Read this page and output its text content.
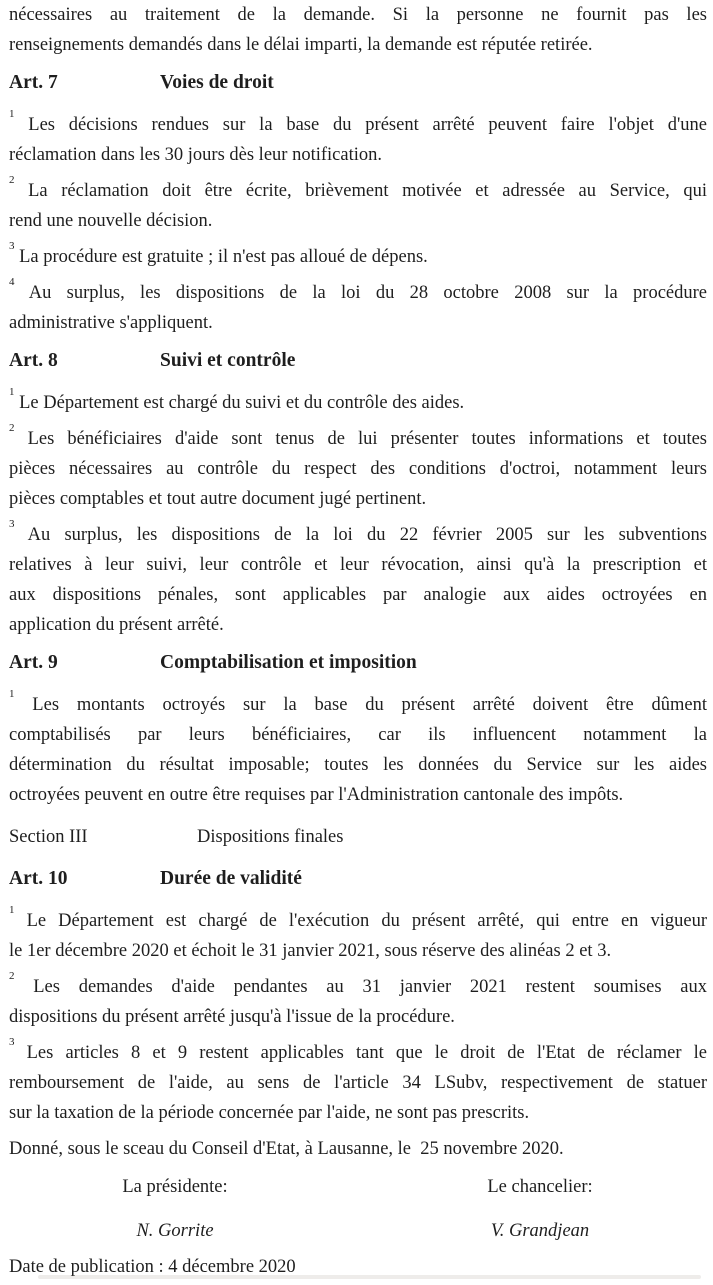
nécessaires au traitement de la demande. Si la personne ne fournit pas les
renseignements demandés dans le délai imparti, la demande est réputée retirée.
Art. 7	Voies de droit
$^1$ Les décisions rendues sur la base du présent arrêté peuvent faire l'objet d'une
réclamation dans les 30 jours dès leur notification.
$^2$ La réclamation doit être écrite, brièvement motivée et adressée au Service, qui
rend une nouvelle décision.
$^3$ La procédure est gratuite ; il n'est pas alloué de dépens.
$^4$ Au surplus, les dispositions de la loi du 28 octobre 2008 sur la procédure
administrative s'appliquent.
Art. 8	Suivi et contrôle
$^1$ Le Département est chargé du suivi et du contrôle des aides.
$^2$ Les bénéficiaires d'aide sont tenus de lui présenter toutes informations et toutes
pièces nécessaires au contrôle du respect des conditions d'octroi, notamment leurs
pièces comptables et tout autre document jugé pertinent.
$^3$ Au surplus, les dispositions de la loi du 22 février 2005 sur les subventions
relatives à leur suivi, leur contrôle et leur révocation, ainsi qu'à la prescription et
aux dispositions pénales, sont applicables par analogie aux aides octroyées en
application du présent arrêté.
Art. 9	Comptabilisation et imposition
$^1$ Les montants octroyés sur la base du présent arrêté doivent être dûment
comptabilisés par leurs bénéficiaires, car ils influencent notamment la
détermination du résultat imposable; toutes les données du Service sur les aides
octroyées peuvent en outre être requises par l'Administration cantonale des impôts.
Section III	Dispositions finales
Art. 10	Durée de validité
$^1$ Le Département est chargé de l'exécution du présent arrêté, qui entre en vigueur
le 1er décembre 2020 et échoit le 31 janvier 2021, sous réserve des alinéas 2 et 3.
$^2$ Les demandes d'aide pendantes au 31 janvier 2021 restent soumises aux
dispositions du présent arrêté jusqu'à l'issue de la procédure.
$^3$ Les articles 8 et 9 restent applicables tant que le droit de l'Etat de réclamer le
remboursement de l'aide, au sens de l'article 34 LSubv, respectivement de statuer
sur la taxation de la période concernée par l'aide, ne sont pas prescrits.
Donné, sous le sceau du Conseil d'Etat, à Lausanne, le  25 novembre 2020.
La présidente:
N. Gorrite
Le chancelier:
V. Grandjean
Date de publication : 4 décembre 2020
